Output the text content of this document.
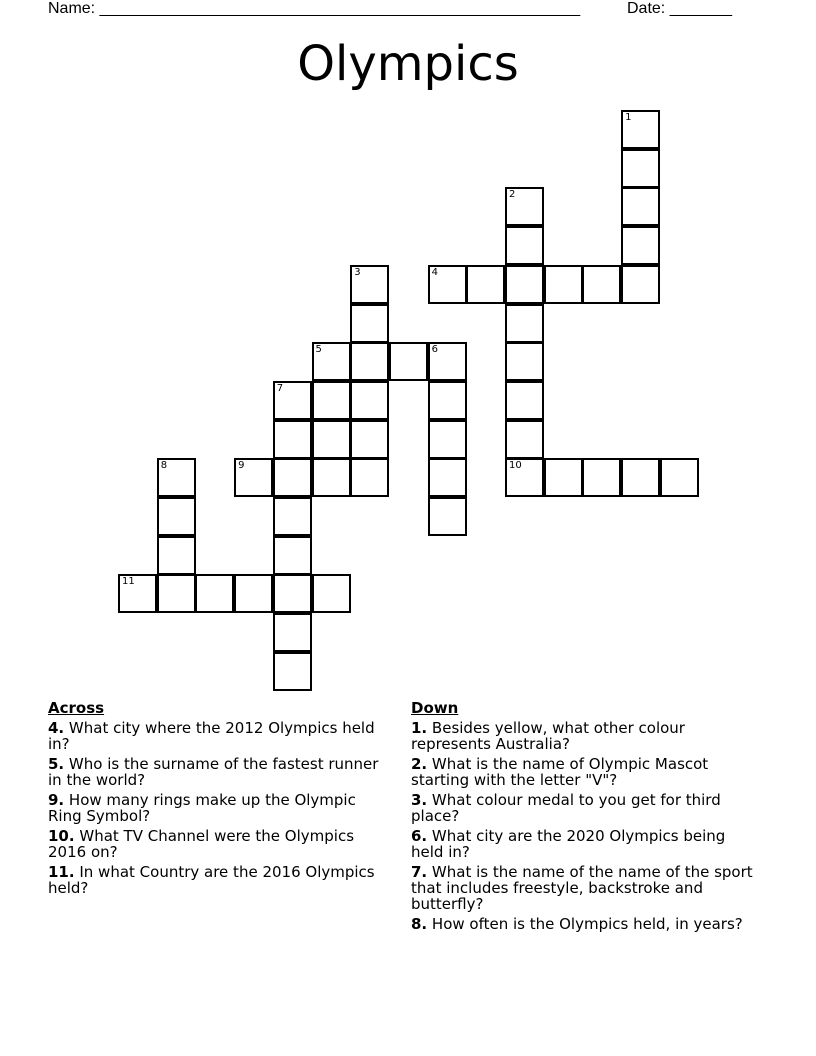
Name: ______________________________________________________	Date: _______
Olympics
1
2
3	4
5	6
7
8	9	10
11
Across
4. What city where the 2012 Olympics held in?
5. Who is the surname of the fastest runner in the world?
9. How many rings make up the Olympic Ring Symbol?
10. What TV Channel were the Olympics 2016 on?
11. In what Country are the 2016 Olympics held?
Down
1. Besides yellow, what other colour represents Australia?
2. What is the name of Olympic Mascot starting with the letter "V"?
3. What colour medal to you get for third place?
6. What city are the 2020 Olympics being held in?
7. What is the name of the name of the sport that includes freestyle, backstroke and butterfly?
8. How often is the Olympics held, in years?
